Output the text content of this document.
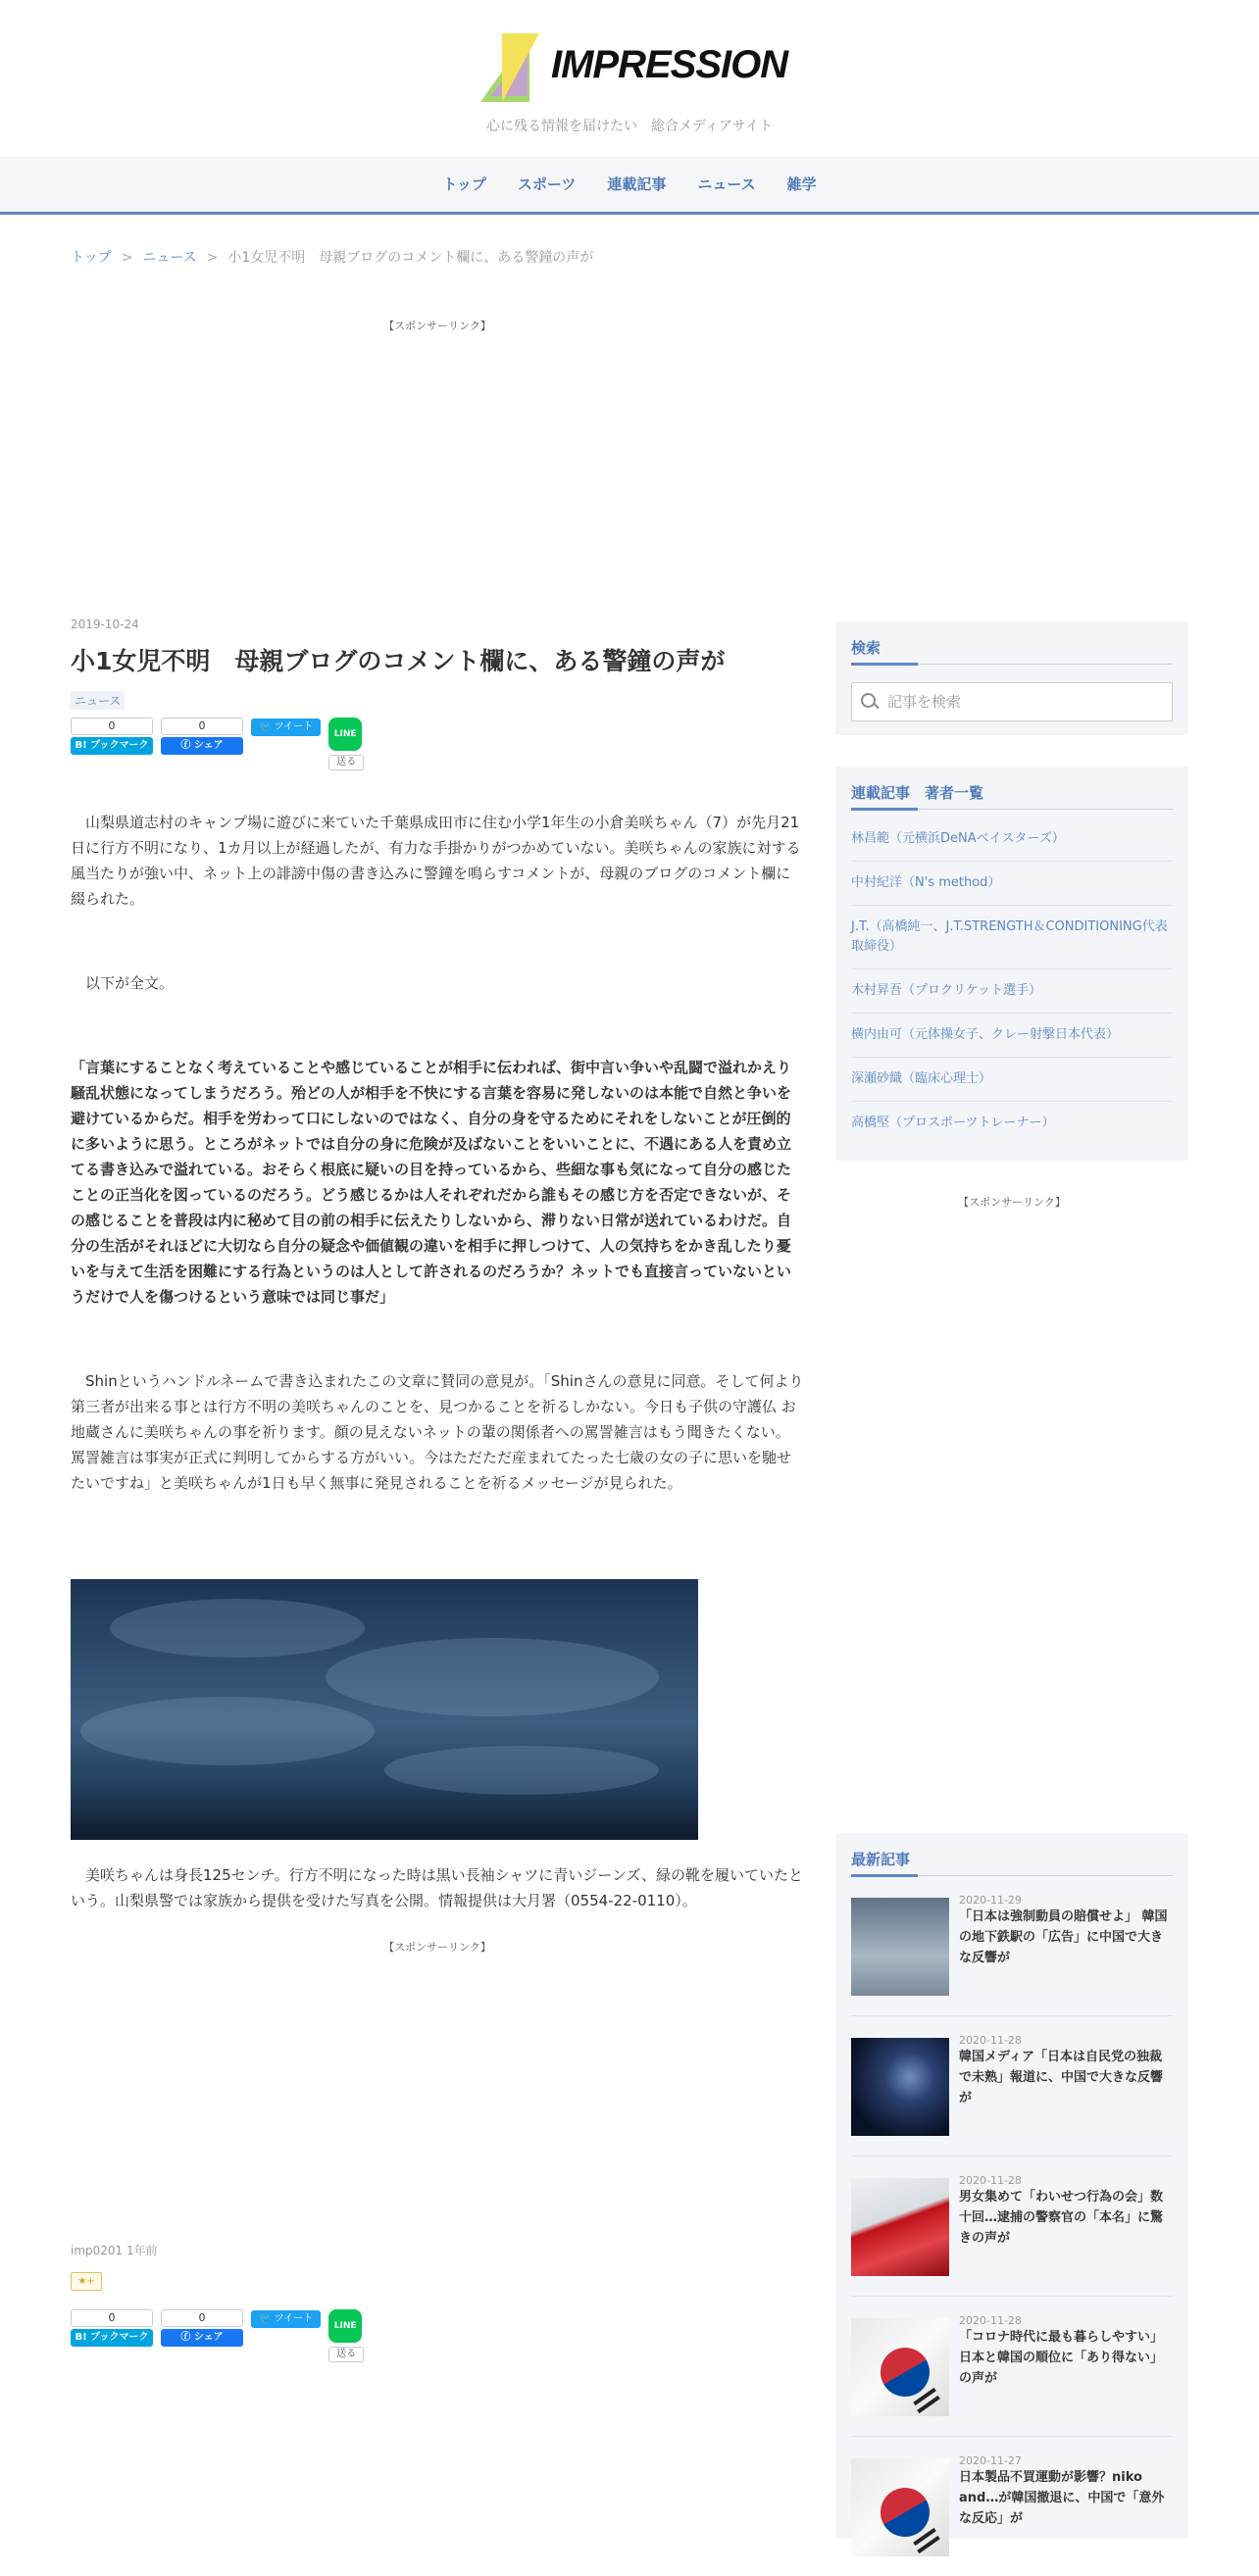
IMPRESSION
心に残る情報を届けたい　総合メディアサイト
トップ	スポーツ	連載記事	ニュース	雑学
トップ > ニュース > 小1女児不明　母親ブログのコメント欄に、ある警鐘の声が
【スポンサーリンク】
2019-10-24
小1女児不明　母親ブログのコメント欄に、ある警鐘の声が
ニュース
0
B! ブックマーク
0
ⓕ シェア
🐦 ツイート
LINE
送る

　山梨県道志村のキャンプ場に遊びに来ていた千葉県成田市に住む小学1年生の小倉美咲ちゃん（7）が先月21日に行方不明になり、1カ月以上が経過したが、有力な手掛かりがつかめていない。美咲ちゃんの家族に対する風当たりが強い中、ネット上の誹謗中傷の書き込みに警鐘を鳴らすコメントが、母親のブログのコメント欄に綴られた。

　以下が全文。

「言葉にすることなく考えていることや感じていることが相手に伝われば、街中言い争いや乱闘で溢れかえり騒乱状態になってしまうだろう。殆どの人が相手を不快にする言葉を容易に発しないのは本能で自然と争いを避けているからだ。相手を労わって口にしないのではなく、自分の身を守るためにそれをしないことが圧倒的に多いように思う。ところがネットでは自分の身に危険が及ばないことをいいことに、不遇にある人を責め立てる書き込みで溢れている。おそらく根底に疑いの目を持っているから、些細な事も気になって自分の感じたことの正当化を図っているのだろう。どう感じるかは人それぞれだから誰もその感じ方を否定できないが、その感じることを普段は内に秘めて目の前の相手に伝えたりしないから、滞りない日常が送れているわけだ。自分の生活がそれほどに大切なら自分の疑念や価値観の違いを相手に押しつけて、人の気持ちをかき乱したり憂いを与えて生活を困難にする行為というのは人として許されるのだろうか？ネットでも直接言っていないというだけで人を傷つけるという意味では同じ事だ」

　Shinというハンドルネームで書き込まれたこの文章に賛同の意見が。「Shinさんの意見に同意。そして何より第三者が出来る事とは行方不明の美咲ちゃんのことを、見つかることを祈るしかない。今日も子供の守護仏 お地蔵さんに美咲ちゃんの事を祈ります。顔の見えないネットの輩の関係者への罵詈雑言はもう聞きたくない。罵詈雑言は事実が正式に判明してからする方がいい。今はただただ産まれてたった七歳の女の子に思いを馳せたいですね」と美咲ちゃんが1日も早く無事に発見されることを祈るメッセージが見られた。

　美咲ちゃんは身長125センチ。行方不明になった時は黒い長袖シャツに青いジーンズ、緑の靴を履いていたという。山梨県警では家族から提供を受けた写真を公開。情報提供は大月署（0554-22-0110）。

【スポンサーリンク】
imp0201 1年前
★+
0
B! ブックマーク
0
ⓕ シェア
🐦 ツイート
LINE
送る
検索
記事を検索
連載記事　著者一覧
林昌範（元横浜DeNAベイスターズ）
中村紀洋（N's method）
J.T.（高橋純一、J.T.STRENGTH＆CONDITIONING代表取締役）
木村昇吾（プロクリケット選手）
横内由可（元体操女子、クレー射撃日本代表）
深瀬砂織（臨床心理士）
高橋堅（プロスポーツトレーナー）
【スポンサーリンク】
最新記事
2020-11-29
「日本は強制動員の賠償せよ」 韓国の地下鉄駅の「広告」に中国で大きな反響が
2020-11-28
韓国メディア「日本は自民党の独裁で未熟」報道に、中国で大きな反響が
2020-11-28
男女集めて「わいせつ行為の会」数十回…逮捕の警察官の「本名」に驚きの声が
2020-11-28
「コロナ時代に最も暮らしやすい」 日本と韓国の順位に「あり得ない」の声が
2020-11-27
日本製品不買運動が影響？niko and…が韓国撤退に、中国で「意外な反応」が
